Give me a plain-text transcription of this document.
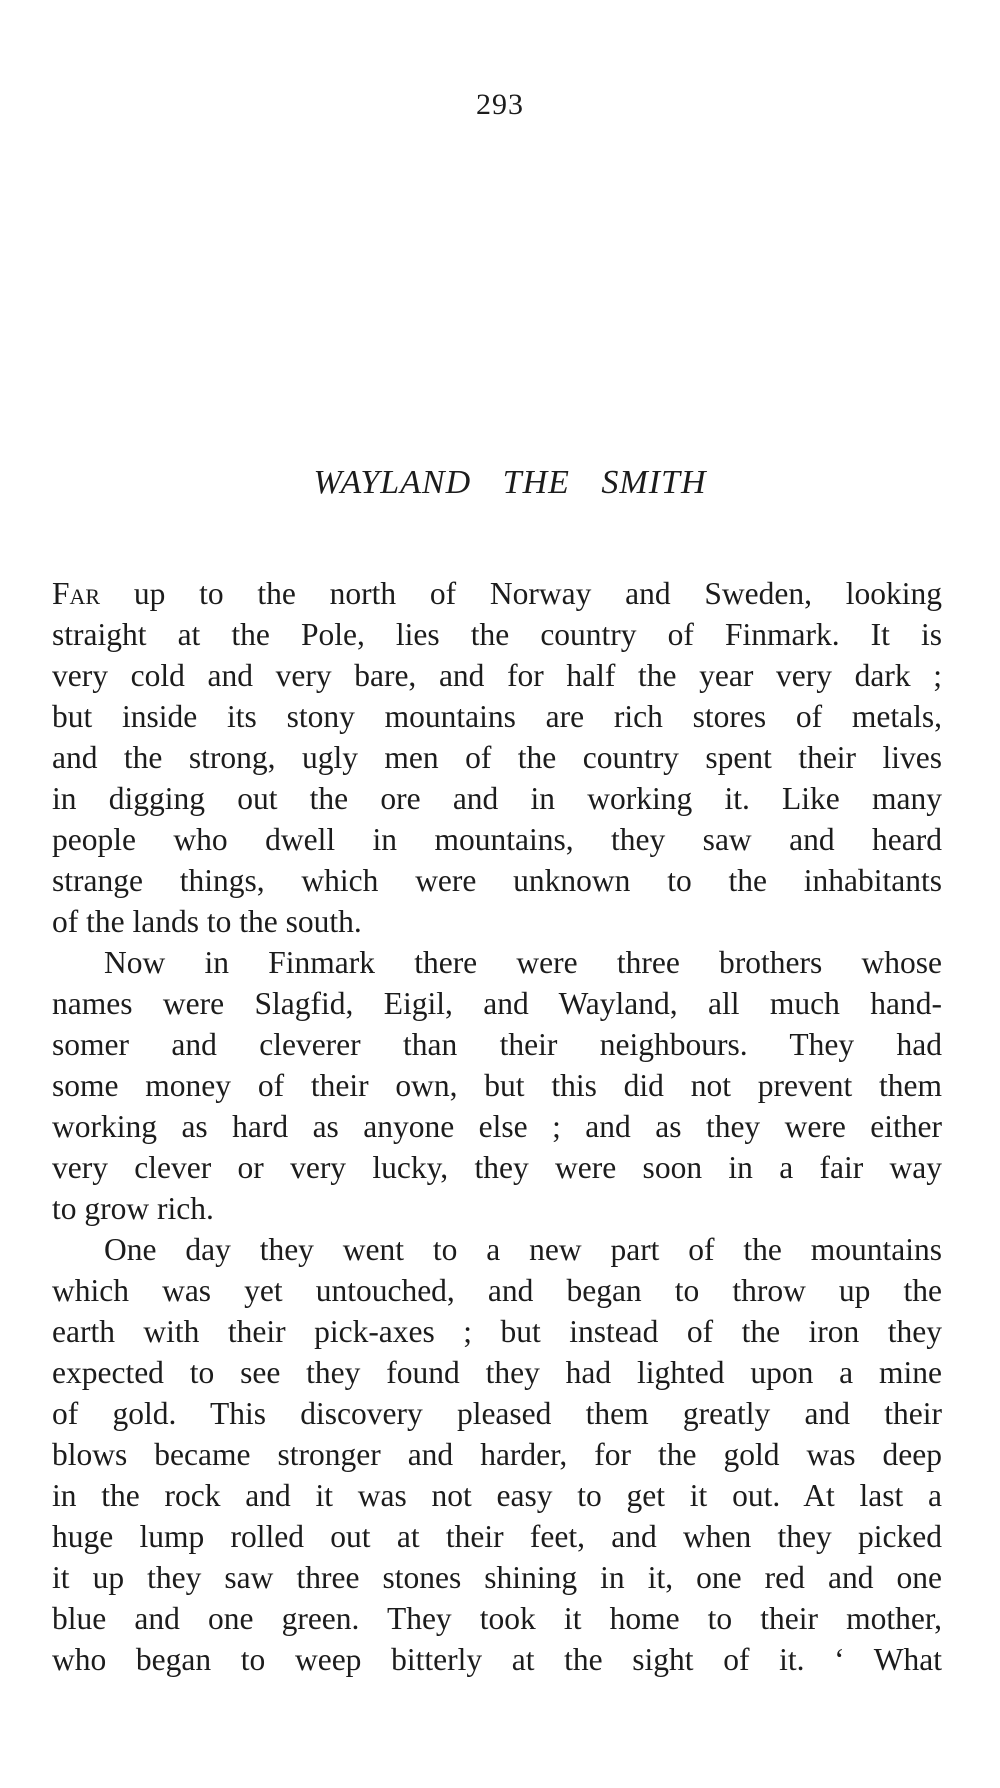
293
WAYLAND THE SMITH
Far up to the north of Norway and Sweden, looking
straight at the Pole, lies the country of Finmark. It is
very cold and very bare, and for half the year very dark ;
but inside its stony mountains are rich stores of metals,
and the strong, ugly men of the country spent their lives
in digging out the ore and in working it. Like many
people who dwell in mountains, they saw and heard
strange things, which were unknown to the inhabitants
of the lands to the south.
Now in Finmark there were three brothers whose
names were Slagfid, Eigil, and Wayland, all much hand-
somer and cleverer than their neighbours. They had
some money of their own, but this did not prevent them
working as hard as anyone else ; and as they were either
very clever or very lucky, they were soon in a fair way
to grow rich.
One day they went to a new part of the mountains
which was yet untouched, and began to throw up the
earth with their pick-axes ; but instead of the iron they
expected to see they found they had lighted upon a mine
of gold. This discovery pleased them greatly and their
blows became stronger and harder, for the gold was deep
in the rock and it was not easy to get it out. At last a
huge lump rolled out at their feet, and when they picked
it up they saw three stones shining in it, one red and one
blue and one green. They took it home to their mother,
who began to weep bitterly at the sight of it. ‘ What
